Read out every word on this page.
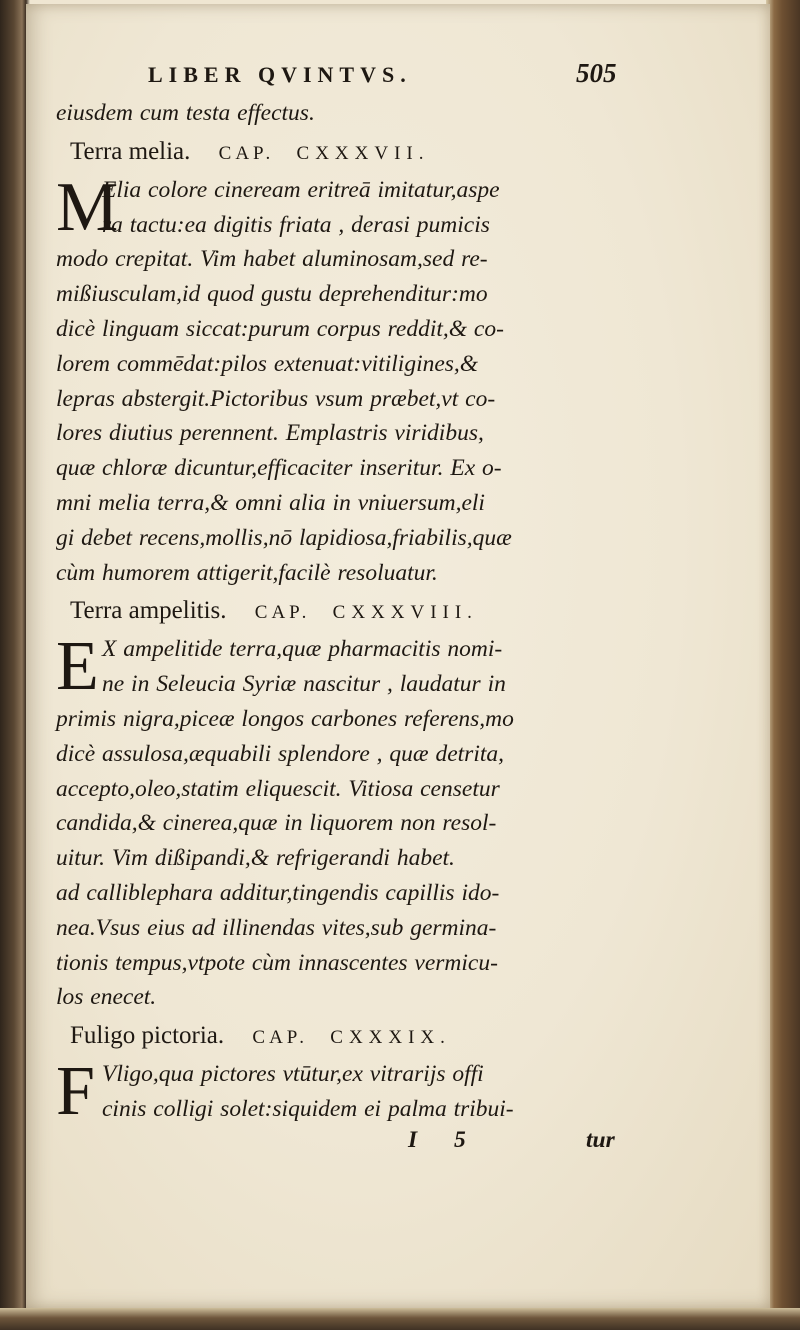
LIBER QVINTVS.	505
eiusdem cum testa effectus.
Terra melia. CAP. CXXXVII.
M
Elia colore cineream eritreā imitatur,aspe
ra tactu:ea digitis friata , derasi pumicis
modo crepitat. Vim habet aluminosam,sed re-
mißiusculam,id quod gustu deprehenditur:mo
dicè linguam siccat:purum corpus reddit,& co-
lorem commēdat:pilos extenuat:vitiligines,&
lepras abstergit.Pictoribus vsum præbet,vt co-
lores diutius perennent. Emplastris viridibus,
quæ chloræ dicuntur,efficaciter inseritur. Ex o-
mni melia terra,& omni alia in vniuersum,eli
gi debet recens,mollis,nō lapidiosa,friabilis,quæ
cùm humorem attigerit,facilè resoluatur.
Terra ampelitis. CAP. CXXXVIII.
E X ampelitide terra,quæ pharmacitis nomi-
ne in Seleucia Syriæ nascitur , laudatur in
primis nigra,piceæ longos carbones referens,mo
dicè assulosa,æquabili splendore , quæ detrita,
accepto,oleo,statim eliquescit. Vitiosa censetur
candida,& cinerea,quæ in liquorem non resol-
uitur. Vim dißipandi,& refrigerandi habet.
ad calliblephara additur,tingendis capillis ido-
nea.Vsus eius ad illinendas vites,sub germina-
tionis tempus,vtpote cùm innascentes vermicu-
los enecet.
Fuligo pictoria. CAP. CXXXIX.
F Vligo,qua pictores vtūtur,ex vitrarijs offi
cinis colligi solet:siquidem ei palma tribui-
I 5	tur
